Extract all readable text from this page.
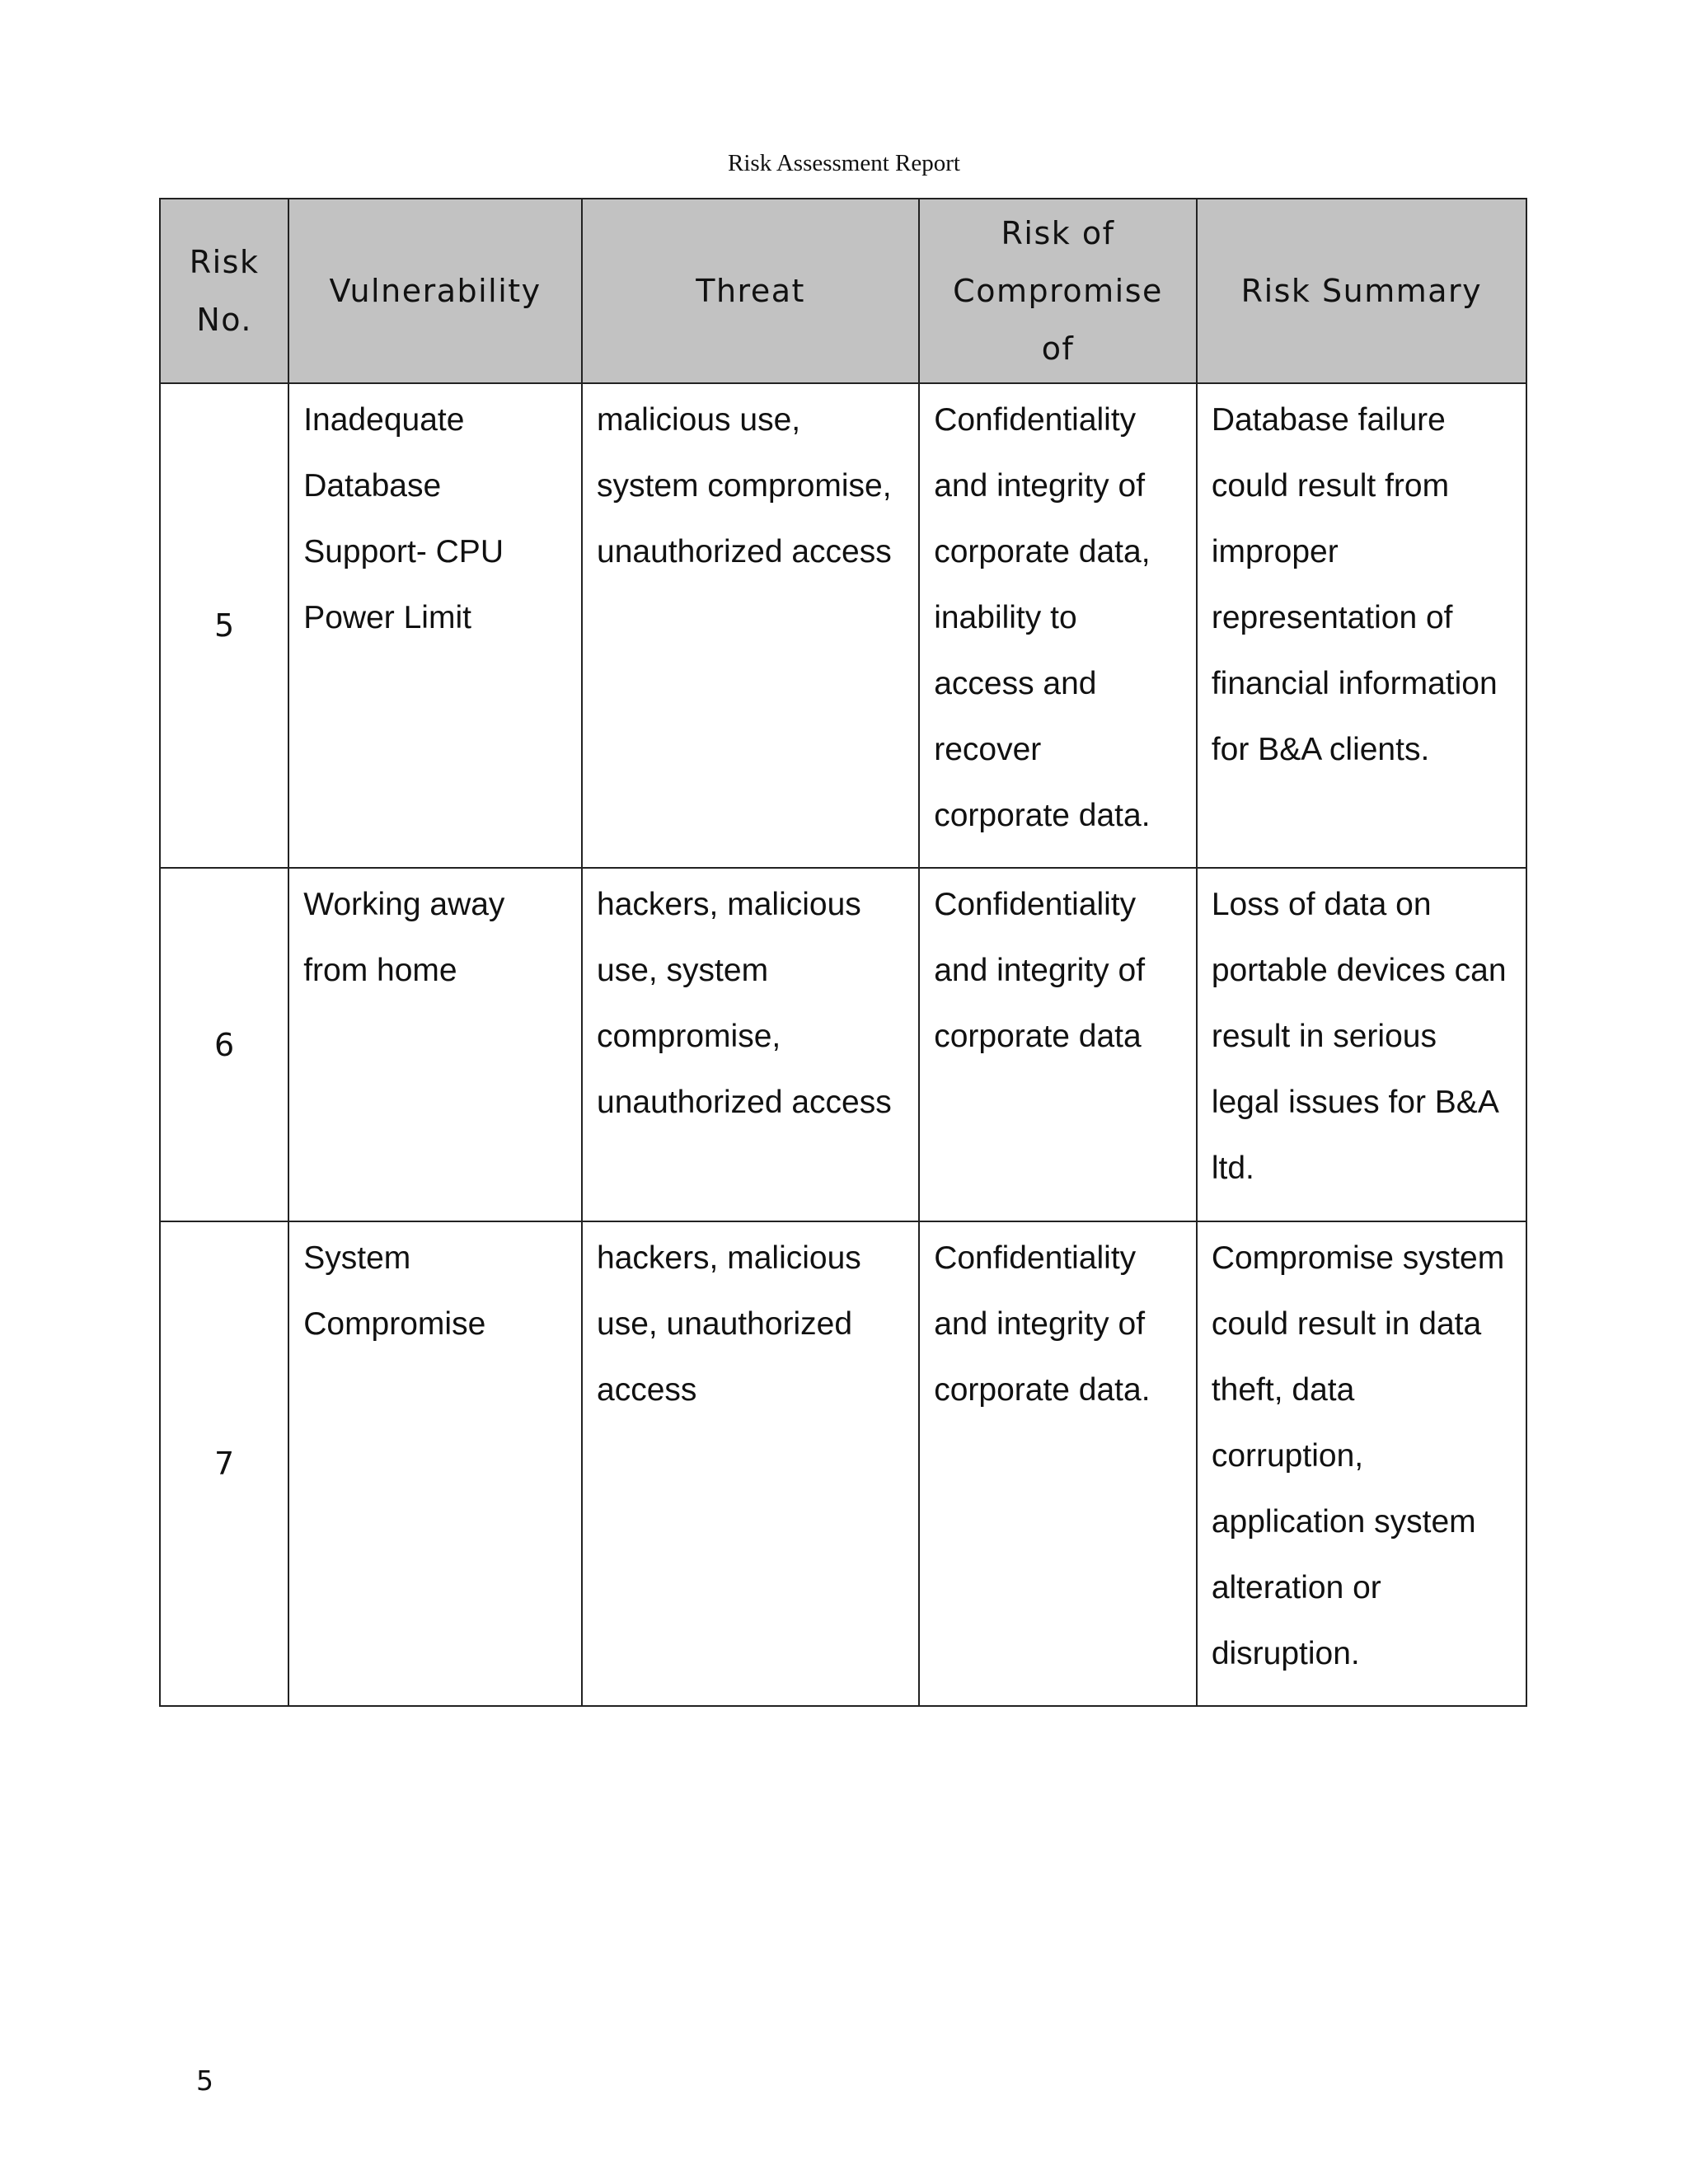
Risk Assessment Report
Risk No.	Vulnerability	Threat	Risk of Compromise of	Risk Summary
5	Inadequate Database Support- CPU Power Limit	malicious use, system compromise, unauthorized access	Confidentiality and integrity of corporate data, inability to access and recover corporate data.	Database failure could result from improper representation of financial information for B&A clients.
6	Working away from home	hackers, malicious use, system compromise, unauthorized access	Confidentiality and integrity of corporate data	Loss of data on portable devices can result in serious legal issues for B&A ltd.
7	System Compromise	hackers, malicious use, unauthorized access	Confidentiality and integrity of corporate data.	Compromise system could result in data theft, data corruption, application system alteration or disruption.
5
